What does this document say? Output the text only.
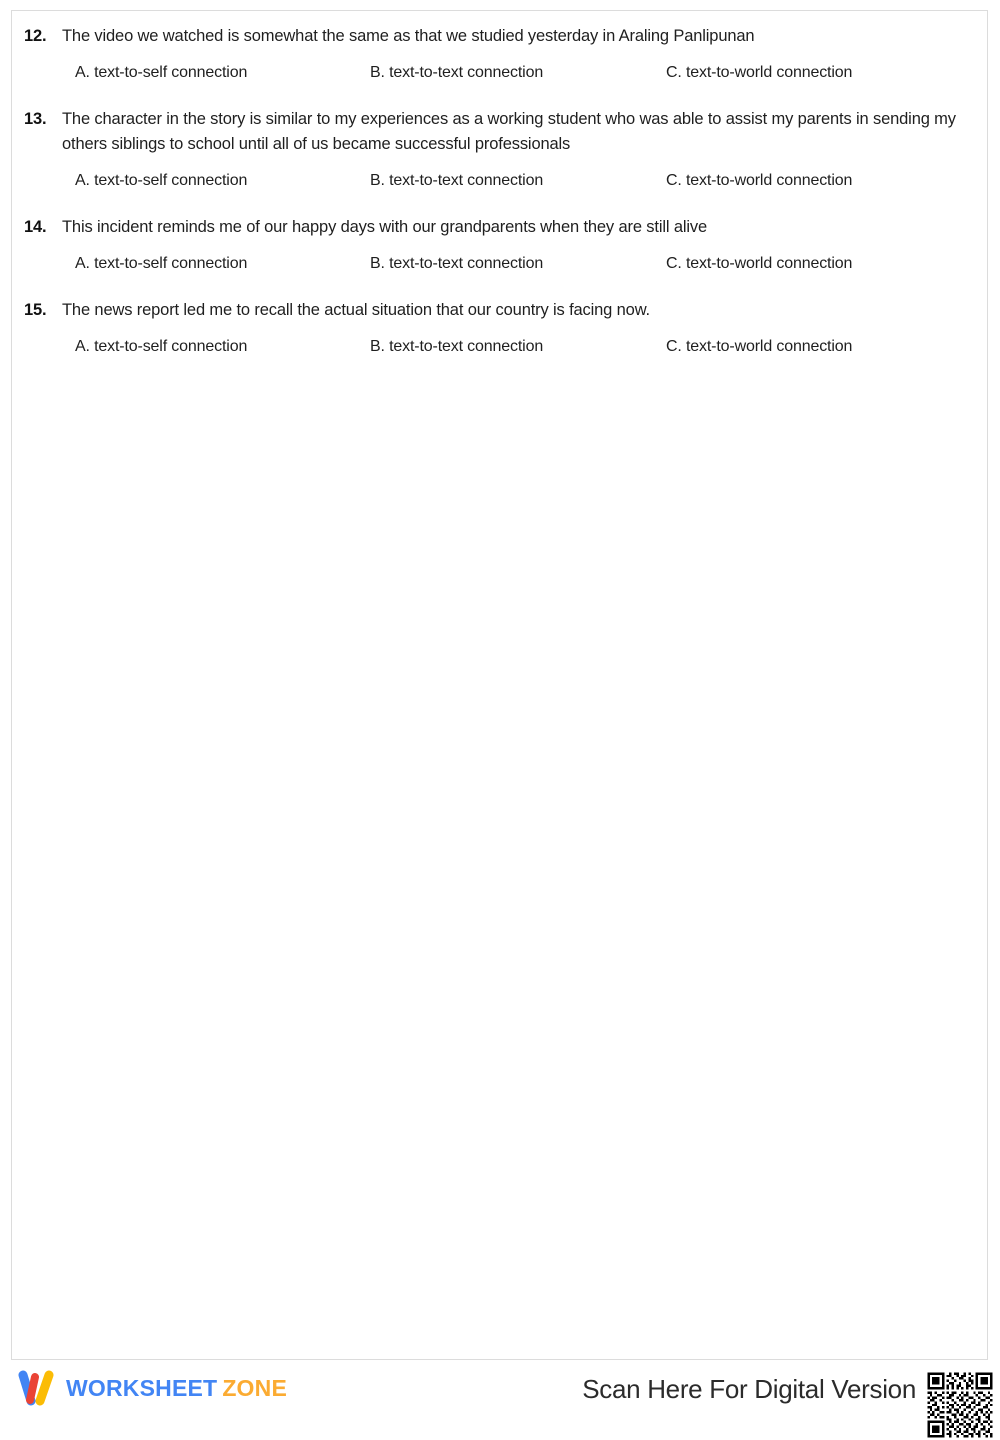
12. The video we watched is somewhat the same as that we studied yesterday in Araling Panlipunan
A. text-to-self connection	B. text-to-text connection	C. text-to-world connection
13. The character in the story is similar to my experiences as a working student who was able to assist my parents in sending my others siblings to school until all of us became successful professionals
A. text-to-self connection	B. text-to-text connection	C. text-to-world connection
14. This incident reminds me of our happy days with our grandparents when they are still alive
A. text-to-self connection	B. text-to-text connection	C. text-to-world connection
15. The news report led me to recall the actual situation that our country is facing now.
A. text-to-self connection	B. text-to-text connection	C. text-to-world connection
WORKSHEET ZONE	Scan Here For Digital Version
